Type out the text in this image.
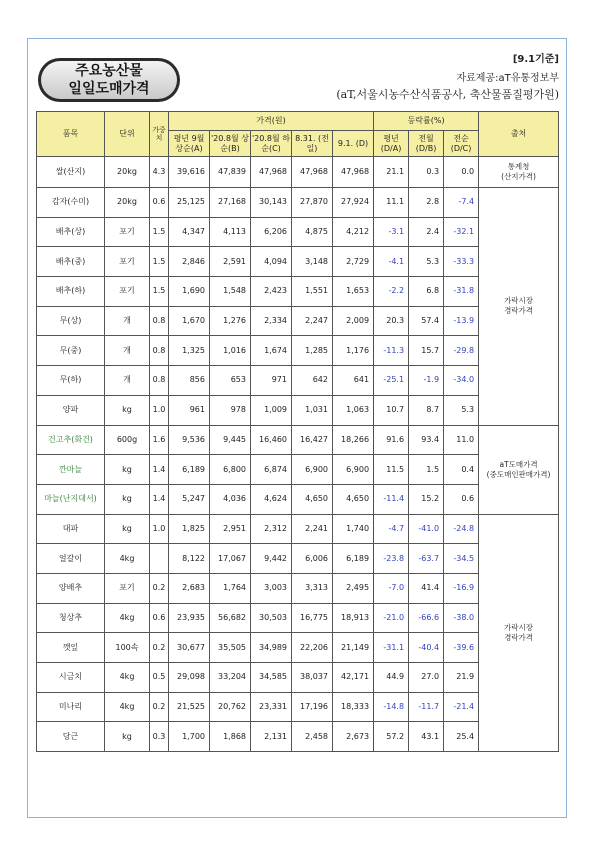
주요농산물
일일도매가격
[9.1기준]
자료제공:aT유통정보부
(aT,서울시농수산식품공사, 축산물품질평가원)
품목	단위	가중치	가격(원)					등락률(%)			출처
			평년 9월 상순(A)	'20.8월 상순(B)	'20.8월 하순(C)	8.31. (전일)	9.1. (D)	평년 (D/A)	전월 (D/B)	전순 (D/C)	
쌀(산지)	20kg	4.3	39,616	47,839	47,968	47,968	47,968	21.1	0.3	0.0	통계청
(산지가격)
감자(수미)	20kg	0.6	25,125	27,168	30,143	27,870	27,924	11.1	2.8	-7.4	가락시장
경락가격
배추(상)	포기	1.5	4,347	4,113	6,206	4,875	4,212	-3.1	2.4	-32.1	
배추(중)	포기	1.5	2,846	2,591	4,094	3,148	2,729	-4.1	5.3	-33.3	
배추(하)	포기	1.5	1,690	1,548	2,423	1,551	1,653	-2.2	6.8	-31.8	
무(상)	개	0.8	1,670	1,276	2,334	2,247	2,009	20.3	57.4	-13.9	
무(중)	개	0.8	1,325	1,016	1,674	1,285	1,176	-11.3	15.7	-29.8	
무(하)	개	0.8	856	653	971	642	641	-25.1	-1.9	-34.0	
양파	kg	1.0	961	978	1,009	1,031	1,063	10.7	8.7	5.3	
건고추(화건)	600g	1.6	9,536	9,445	16,460	16,427	18,266	91.6	93.4	11.0	aT도매가격
(중도매인판매가격)
깐마늘	kg	1.4	6,189	6,800	6,874	6,900	6,900	11.5	1.5	0.4	
마늘(난지대서)	kg	1.4	5,247	4,036	4,624	4,650	4,650	-11.4	15.2	0.6	
대파	kg	1.0	1,825	2,951	2,312	2,241	1,740	-4.7	-41.0	-24.8	가락시장
경락가격
얼갈이	4kg		8,122	17,067	9,442	6,006	6,189	-23.8	-63.7	-34.5	
양배추	포기	0.2	2,683	1,764	3,003	3,313	2,495	-7.0	41.4	-16.9	
청상추	4kg	0.6	23,935	56,682	30,503	16,775	18,913	-21.0	-66.6	-38.0	
깻잎	100속	0.2	30,677	35,505	34,989	22,206	21,149	-31.1	-40.4	-39.6	
시금치	4kg	0.5	29,098	33,204	34,585	38,037	42,171	44.9	27.0	21.9	
미나리	4kg	0.2	21,525	20,762	23,331	17,196	18,333	-14.8	-11.7	-21.4	
당근	kg	0.3	1,700	1,868	2,131	2,458	2,673	57.2	43.1	25.4	
